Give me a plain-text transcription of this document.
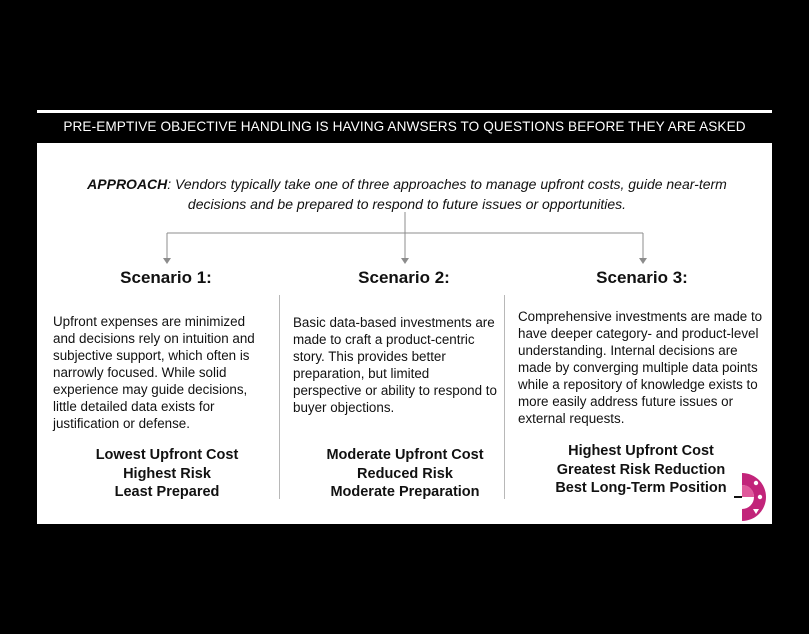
PRE-EMPTIVE OBJECTIVE HANDLING IS HAVING ANWSERS TO QUESTIONS BEFORE THEY ARE ASKED
APPROACH: Vendors typically take one of three approaches to manage upfront costs, guide near-term decisions and be prepared to respond to future issues or opportunities.
Scenario 1:
Upfront expenses are minimized and decisions rely on intuition and subjective support, which often is narrowly focused. While solid experience may guide decisions, little detailed data exists for justification or defense.
Lowest Upfront Cost
Highest Risk
Least Prepared
Scenario 2:
Basic data-based investments are made to craft a product-centric story. This provides better preparation, but limited perspective or ability to respond to buyer objections.
Moderate Upfront Cost
Reduced Risk
Moderate Preparation
Scenario 3:
Comprehensive investments are made to have deeper category- and product-level understanding. Internal decisions are made by converging multiple data points while a repository of knowledge exists to more easily address future issues or external requests.
Highest Upfront Cost
Greatest Risk Reduction
Best Long-Term Position
